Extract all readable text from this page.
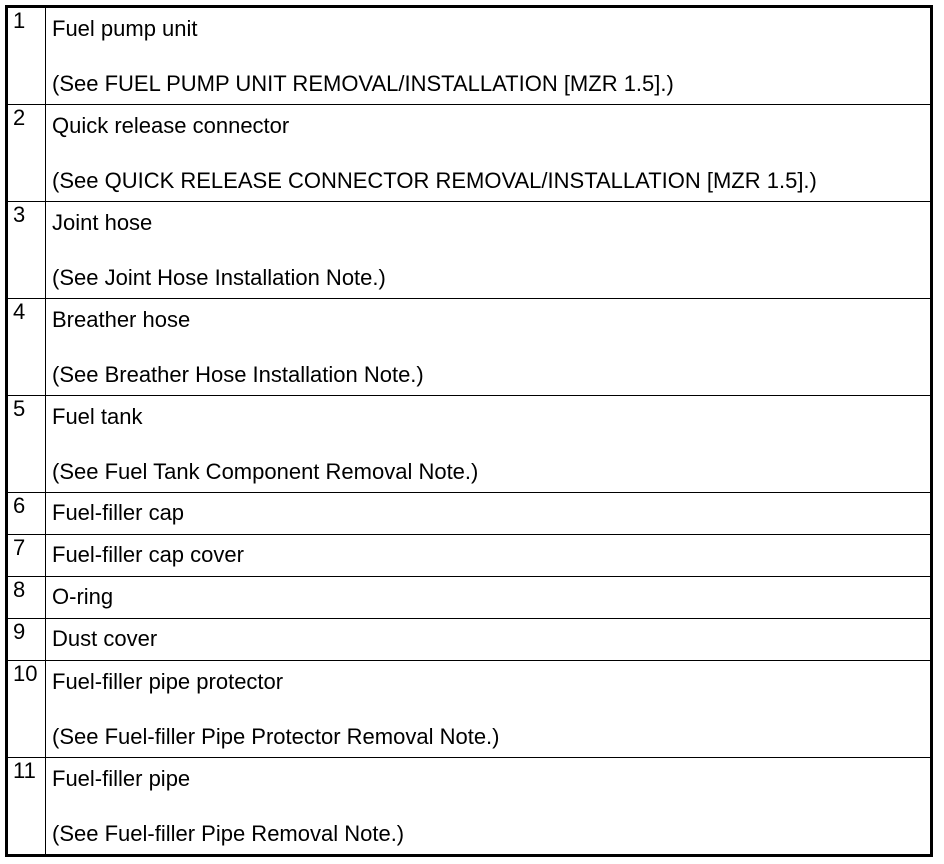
1	Fuel pump unit
(See FUEL PUMP UNIT REMOVAL/INSTALLATION [MZR 1.5].)

2	Quick release connector
(See QUICK RELEASE CONNECTOR REMOVAL/INSTALLATION [MZR 1.5].)

3	Joint hose
(See Joint Hose Installation Note.)

4	Breather hose
(See Breather Hose Installation Note.)

5	Fuel tank
(See Fuel Tank Component Removal Note.)

6	Fuel-filler cap

7	Fuel-filler cap cover

8	O-ring

9	Dust cover

10	Fuel-filler pipe protector
(See Fuel-filler Pipe Protector Removal Note.)

11	Fuel-filler pipe
(See Fuel-filler Pipe Removal Note.)
